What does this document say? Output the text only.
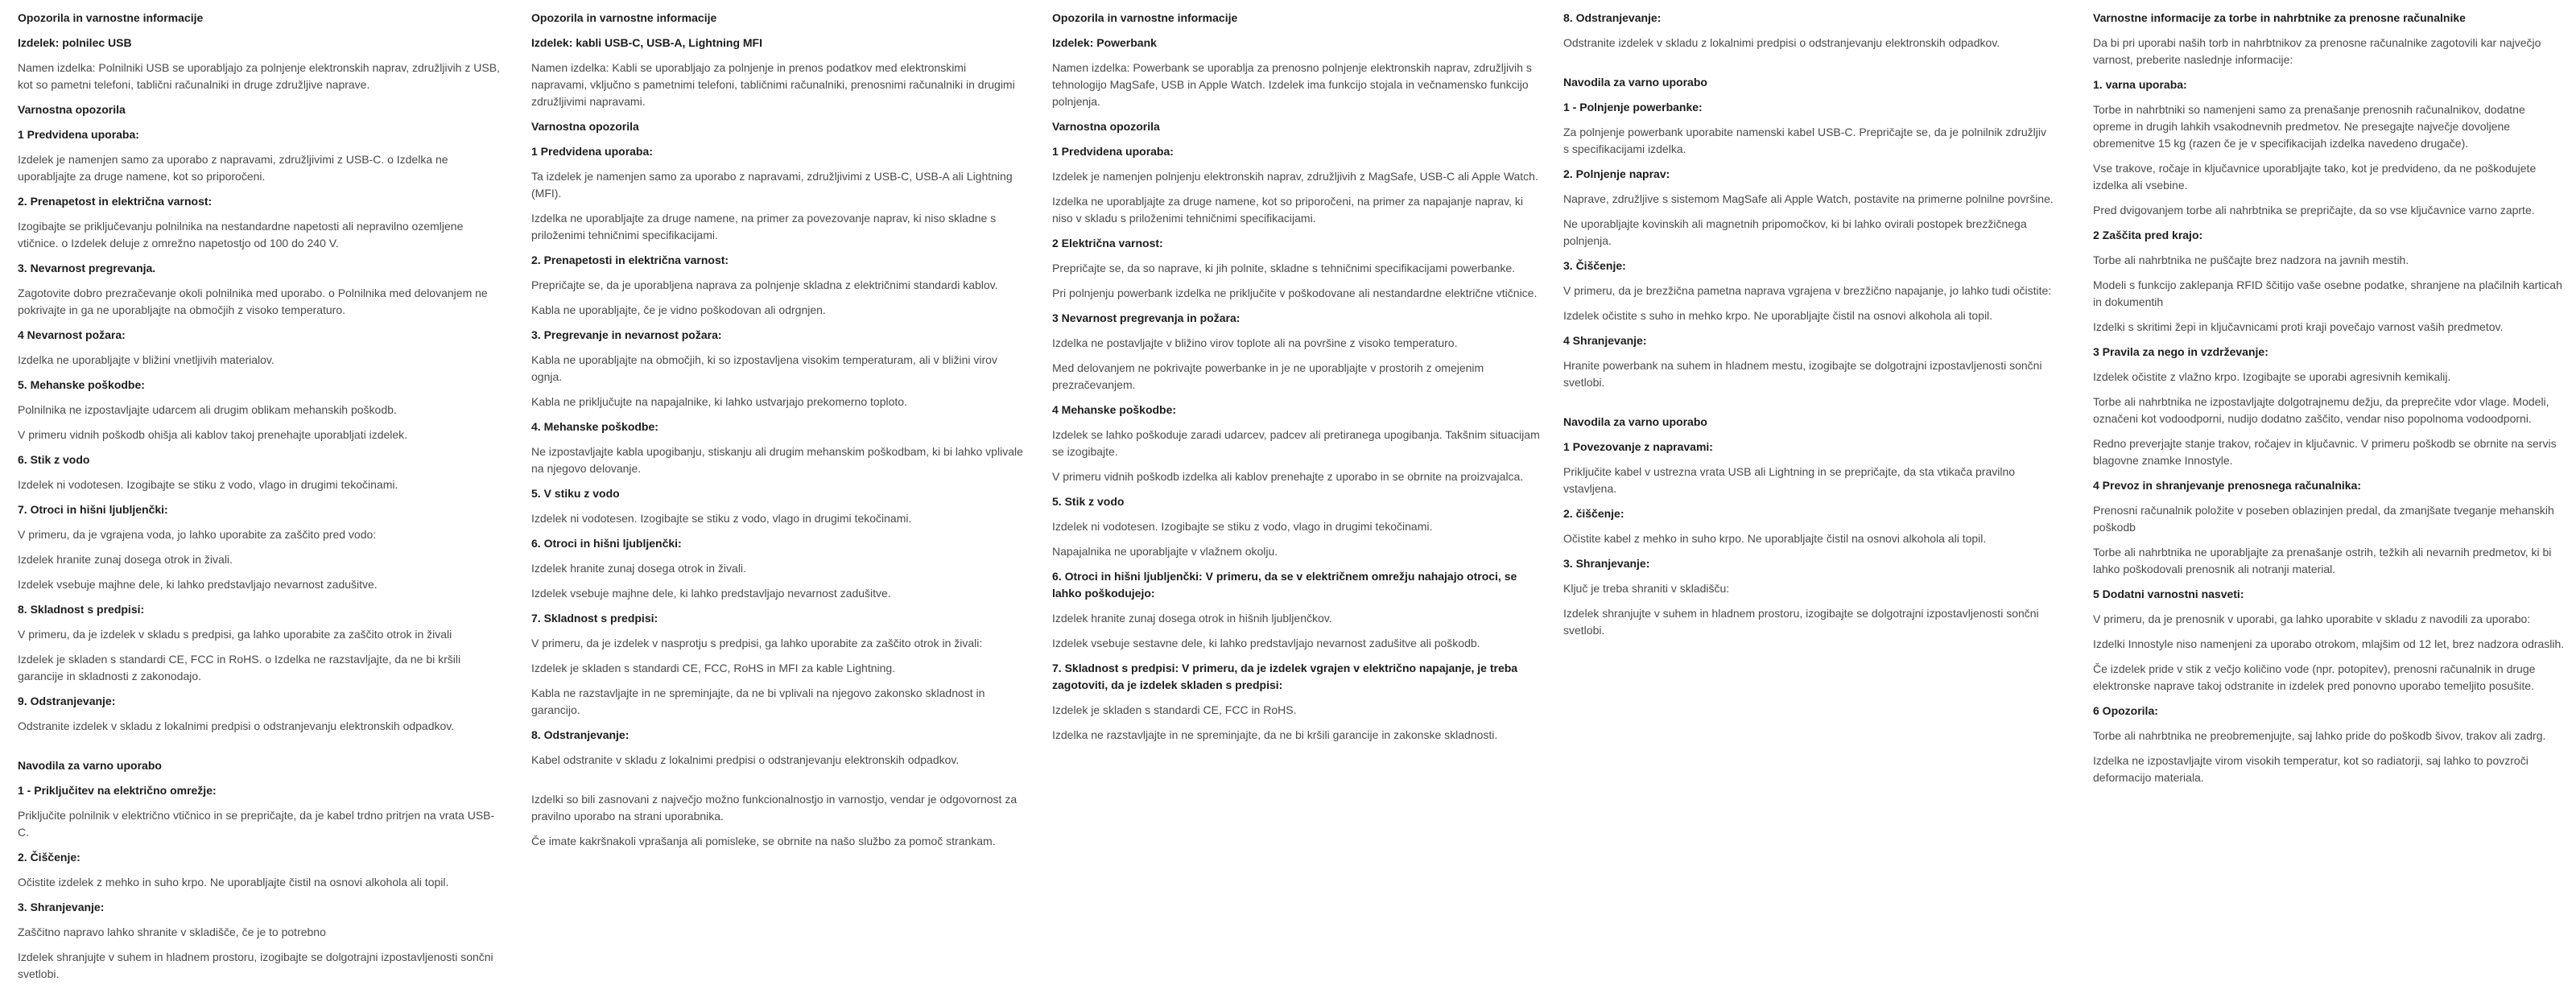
Opozorila in varnostne informacije
Izdelek: polnilec USB

Namen izdelka: Polnilniki USB se uporabljajo za polnjenje elektronskih naprav, združljivih z USB, kot so pametni telefoni, tablični računalniki in druge združljive naprave.

Varnostna opozorila
1 Predvidena uporaba:

Izdelek je namenjen samo za uporabo z napravami, združljivimi z USB-C. o Izdelka ne uporabljajte za druge namene, kot so priporočeni.

2. Prenapetost in električna varnost:

Izogibajte se priključevanju polnilnika na nestandardne napetosti ali nepravilno ozemljene vtičnice. o Izdelek deluje z omrežno napetostjo od 100 do 240 V.

3. Nevarnost pregrevanja.

Zagotovite dobro prezračevanje okoli polnilnika med uporabo. o Polnilnika med delovanjem ne pokrivajte in ga ne uporabljajte na območjih z visoko temperaturo.

4 Nevarnost požara:

Izdelka ne uporabljajte v bližini vnetljivih materialov.

5. Mehanske poškodbe:

Polnilnika ne izpostavljajte udarcem ali drugim oblikam mehanskih poškodb.

V primeru vidnih poškodb ohišja ali kablov takoj prenehajte uporabljati izdelek.

6. Stik z vodo

Izdelek ni vodotesen. Izogibajte se stiku z vodo, vlago in drugimi tekočinami.

7. Otroci in hišni ljubljenčki:

V primeru, da je vgrajena voda, jo lahko uporabite za zaščito pred vodo:

Izdelek hranite zunaj dosega otrok in živali.

Izdelek vsebuje majhne dele, ki lahko predstavljajo nevarnost zadušitve.

8. Skladnost s predpisi:

V primeru, da je izdelek v skladu s predpisi, ga lahko uporabite za zaščito otrok in živali

Izdelek je skladen s standardi CE, FCC in RoHS. o Izdelka ne razstavljajte, da ne bi kršili garancije in skladnosti z zakonodajo.

9. Odstranjevanje:

Odstranite izdelek v skladu z lokalnimi predpisi o odstranjevanju elektronskih odpadkov.

Navodila za varno uporabo
1 - Priključitev na električno omrežje:

Priključite polnilnik v električno vtičnico in se prepričajte, da je kabel trdno pritrjen na vrata USB-C.

2. Čiščenje:

Očistite izdelek z mehko in suho krpo. Ne uporabljajte čistil na osnovi alkohola ali topil.

3. Shranjevanje:

Zaščitno napravo lahko shranite v skladišče, če je to potrebno

Izdelek shranjujte v suhem in hladnem prostoru, izogibajte se dolgotrajni izpostavljenosti sončni svetlobi.

Opozorila in varnostne informacije
Izdelek: kabli USB-C, USB-A, Lightning MFI

Namen izdelka: Kabli se uporabljajo za polnjenje in prenos podatkov med elektronskimi napravami, vključno s pametnimi telefoni, tabličnimi računalniki, prenosnimi računalniki in drugimi združljivimi napravami.

Varnostna opozorila
1 Predvidena uporaba:

Ta izdelek je namenjen samo za uporabo z napravami, združljivimi z USB-C, USB-A ali Lightning (MFI).

Izdelka ne uporabljajte za druge namene, na primer za povezovanje naprav, ki niso skladne s priloženimi tehničnimi specifikacijami.

2. Prenapetosti in električna varnost:

Prepričajte se, da je uporabljena naprava za polnjenje skladna z električnimi standardi kablov.

Kabla ne uporabljajte, če je vidno poškodovan ali odrgnjen.

3. Pregrevanje in nevarnost požara:

Kabla ne uporabljajte na območjih, ki so izpostavljena visokim temperaturam, ali v bližini virov ognja.

Kabla ne priključujte na napajalnike, ki lahko ustvarjajo prekomerno toploto.

4. Mehanske poškodbe:

Ne izpostavljajte kabla upogibanju, stiskanju ali drugim mehanskim poškodbam, ki bi lahko vplivale na njegovo delovanje.

5. V stiku z vodo

Izdelek ni vodotesen. Izogibajte se stiku z vodo, vlago in drugimi tekočinami.

6. Otroci in hišni ljubljenčki:

Izdelek hranite zunaj dosega otrok in živali.

Izdelek vsebuje majhne dele, ki lahko predstavljajo nevarnost zadušitve.

7. Skladnost s predpisi:

V primeru, da je izdelek v nasprotju s predpisi, ga lahko uporabite za zaščito otrok in živali:

Izdelek je skladen s standardi CE, FCC, RoHS in MFI za kable Lightning.

Kabla ne razstavljajte in ne spreminjajte, da ne bi vplivali na njegovo zakonsko skladnost in garancijo.

8. Odstranjevanje:

Kabel odstranite v skladu z lokalnimi predpisi o odstranjevanju elektronskih odpadkov.

Izdelki so bili zasnovani z največjo možno funkcionalnostjo in varnostjo, vendar je odgovornost za pravilno uporabo na strani uporabnika.

Če imate kakršnakoli vprašanja ali pomisleke, se obrnite na našo službo za pomoč strankam.

Opozorila in varnostne informacije
Izdelek: Powerbank

Namen izdelka: Powerbank se uporablja za prenosno polnjenje elektronskih naprav, združljivih s tehnologijo MagSafe, USB in Apple Watch. Izdelek ima funkcijo stojala in večnamensko funkcijo polnjenja.

Varnostna opozorila
1 Predvidena uporaba:

Izdelek je namenjen polnjenju elektronskih naprav, združljivih z MagSafe, USB-C ali Apple Watch.

Izdelka ne uporabljajte za druge namene, kot so priporočeni, na primer za napajanje naprav, ki niso v skladu s priloženimi tehničnimi specifikacijami.

2 Električna varnost:

Prepričajte se, da so naprave, ki jih polnite, skladne s tehničnimi specifikacijami powerbanke.

Pri polnjenju powerbank izdelka ne priključite v poškodovane ali nestandardne električne vtičnice.

3 Nevarnost pregrevanja in požara:

Izdelka ne postavljajte v bližino virov toplote ali na površine z visoko temperaturo.

Med delovanjem ne pokrivajte powerbanke in je ne uporabljajte v prostorih z omejenim prezračevanjem.

4 Mehanske poškodbe:

Izdelek se lahko poškoduje zaradi udarcev, padcev ali pretiranega upogibanja. Takšnim situacijam se izogibajte.

V primeru vidnih poškodb izdelka ali kablov prenehajte z uporabo in se obrnite na proizvajalca.

5. Stik z vodo

Izdelek ni vodotesen. Izogibajte se stiku z vodo, vlago in drugimi tekočinami.

Napajalnika ne uporabljajte v vlažnem okolju.

6. Otroci in hišni ljubljenčki: V primeru, da se v električnem omrežju nahajajo otroci, se lahko poškodujejo:

Izdelek hranite zunaj dosega otrok in hišnih ljubljenčkov.

Izdelek vsebuje sestavne dele, ki lahko predstavljajo nevarnost zadušitve ali poškodb.

7. Skladnost s predpisi: V primeru, da je izdelek vgrajen v električno napajanje, je treba zagotoviti, da je izdelek skladen s predpisi:

Izdelek je skladen s standardi CE, FCC in RoHS.

Izdelka ne razstavljajte in ne spreminjajte, da ne bi kršili garancije in zakonske skladnosti.

8. Odstranjevanje:

Odstranite izdelek v skladu z lokalnimi predpisi o odstranjevanju elektronskih odpadkov.

Navodila za varno uporabo
1 - Polnjenje powerbanke:

Za polnjenje powerbank uporabite namenski kabel USB-C. Prepričajte se, da je polnilnik združljiv s specifikacijami izdelka.

2. Polnjenje naprav:

Naprave, združljive s sistemom MagSafe ali Apple Watch, postavite na primerne polnilne površine.

Ne uporabljajte kovinskih ali magnetnih pripomočkov, ki bi lahko ovirali postopek brezžičnega polnjenja.

3. Čiščenje:

V primeru, da je brezžična pametna naprava vgrajena v brezžično napajanje, jo lahko tudi očistite:

Izdelek očistite s suho in mehko krpo. Ne uporabljajte čistil na osnovi alkohola ali topil.

4 Shranjevanje:

Hranite powerbank na suhem in hladnem mestu, izogibajte se dolgotrajni izpostavljenosti sončni svetlobi.

Navodila za varno uporabo
1 Povezovanje z napravami:

Priključite kabel v ustrezna vrata USB ali Lightning in se prepričajte, da sta vtikača pravilno vstavljena.

2. čiščenje:

Očistite kabel z mehko in suho krpo. Ne uporabljajte čistil na osnovi alkohola ali topil.

3. Shranjevanje:

Ključ je treba shraniti v skladišču:

Izdelek shranjujte v suhem in hladnem prostoru, izogibajte se dolgotrajni izpostavljenosti sončni svetlobi.

Varnostne informacije za torbe in nahrbtnike za prenosne računalnike

Da bi pri uporabi naših torb in nahrbtnikov za prenosne računalnike zagotovili kar največjo varnost, preberite naslednje informacije:

1. varna uporaba:

Torbe in nahrbtniki so namenjeni samo za prenašanje prenosnih računalnikov, dodatne opreme in drugih lahkih vsakodnevnih predmetov. Ne presegajte največje dovoljene obremenitve 15 kg (razen če je v specifikacijah izdelka navedeno drugače).

Vse trakove, ročaje in ključavnice uporabljajte tako, kot je predvideno, da ne poškodujete izdelka ali vsebine.

Pred dvigovanjem torbe ali nahrbtnika se prepričajte, da so vse ključavnice varno zaprte.

2 Zaščita pred krajo:

Torbe ali nahrbtnika ne puščajte brez nadzora na javnih mestih.

Modeli s funkcijo zaklepanja RFID ščitijo vaše osebne podatke, shranjene na plačilnih karticah in dokumentih

Izdelki s skritimi žepi in ključavnicami proti kraji povečajo varnost vaših predmetov.

3 Pravila za nego in vzdrževanje:

Izdelek očistite z vlažno krpo. Izogibajte se uporabi agresivnih kemikalij.

Torbe ali nahrbtnika ne izpostavljajte dolgotrajnemu dežju, da preprečite vdor vlage. Modeli, označeni kot vodoodporni, nudijo dodatno zaščito, vendar niso popolnoma vodoodporni.

Redno preverjajte stanje trakov, ročajev in ključavnic. V primeru poškodb se obrnite na servis blagovne znamke Innostyle.

4 Prevoz in shranjevanje prenosnega računalnika:

Prenosni računalnik položite v poseben oblazinjen predal, da zmanjšate tveganje mehanskih poškodb

Torbe ali nahrbtnika ne uporabljajte za prenašanje ostrih, težkih ali nevarnih predmetov, ki bi lahko poškodovali prenosnik ali notranji material.

5 Dodatni varnostni nasveti:

V primeru, da je prenosnik v uporabi, ga lahko uporabite v skladu z navodili za uporabo:

Izdelki Innostyle niso namenjeni za uporabo otrokom, mlajšim od 12 let, brez nadzora odraslih.

Če izdelek pride v stik z večjo količino vode (npr. potopitev), prenosni računalnik in druge elektronske naprave takoj odstranite in izdelek pred ponovno uporabo temeljito posušite.

6 Opozorila:

Torbe ali nahrbtnika ne preobremenjujte, saj lahko pride do poškodb šivov, trakov ali zadrg.

Izdelka ne izpostavljajte virom visokih temperatur, kot so radiatorji, saj lahko to povzroči deformacijo materiala.
